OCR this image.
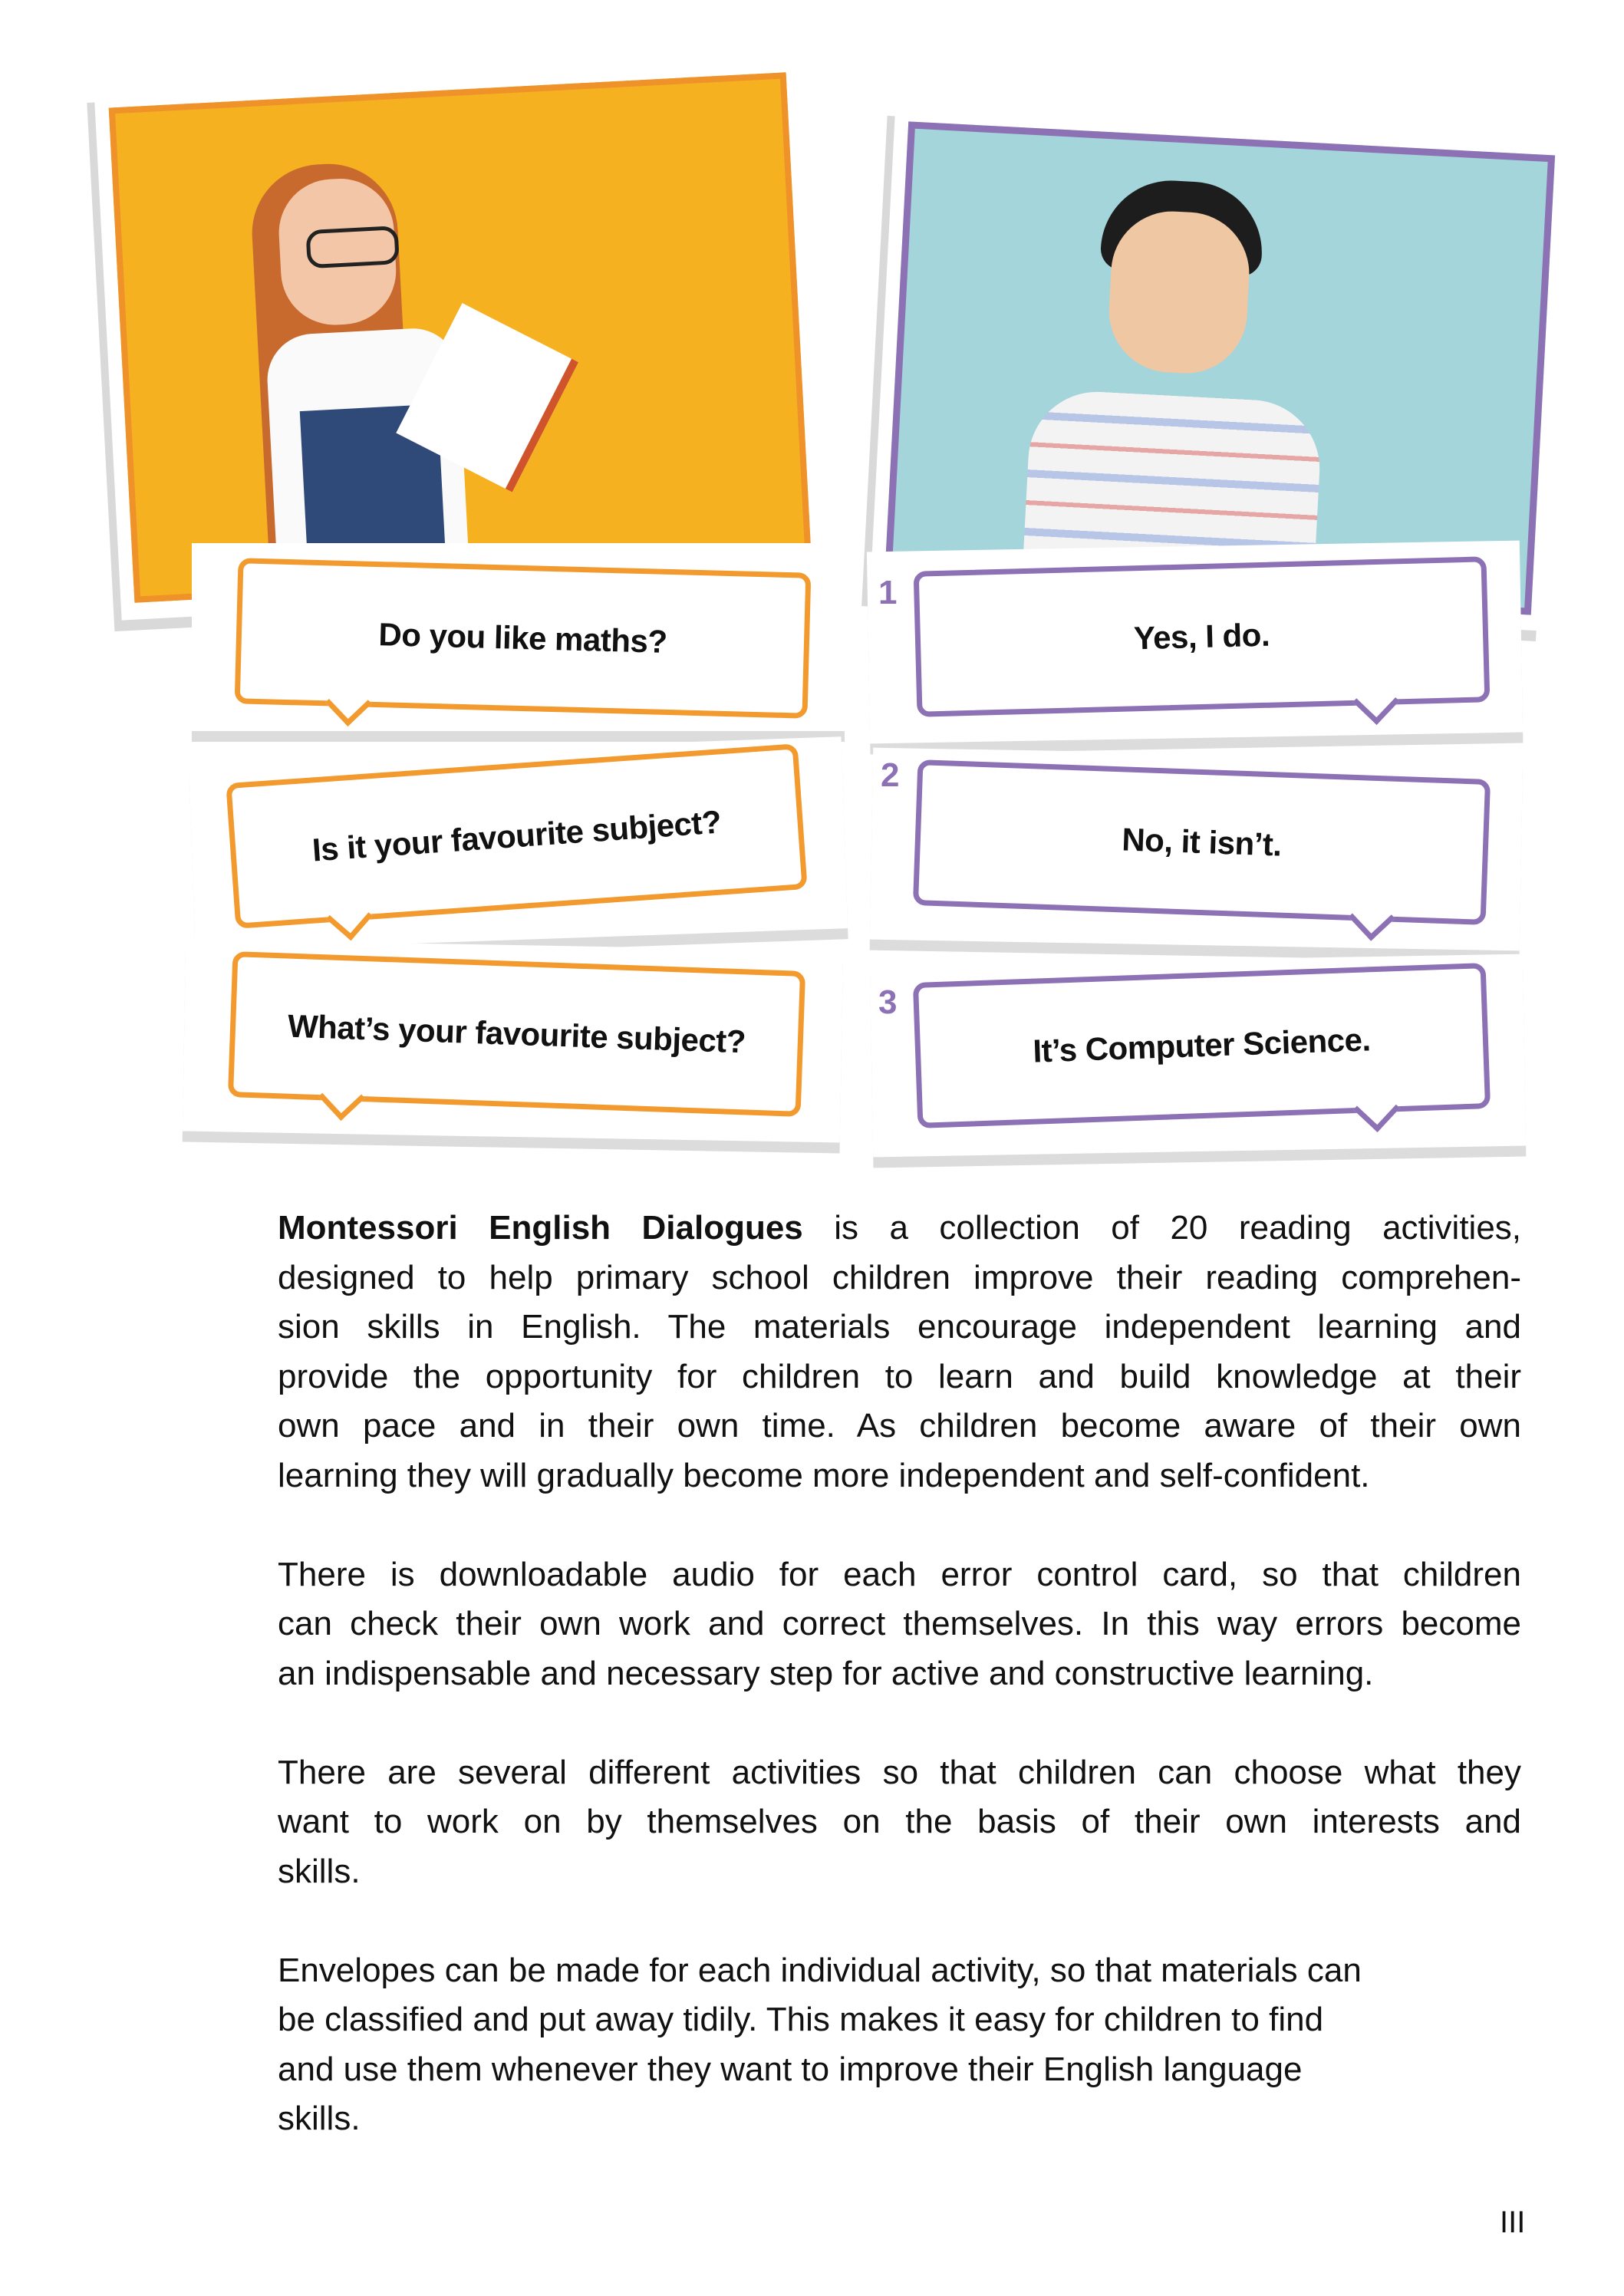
Do you like maths?
Is it your favourite subject?
What’s your favourite subject?
1
2
3
Yes, I do.
No, it isn’t.
It’s Computer Science.
Montessori English Dialogues is a collection of 20 reading activities,
designed to help primary school children improve their reading comprehen-
sion skills in English. The materials encourage independent learning and
provide the opportunity for children to learn and build knowledge at their
own pace and in their own time. As children become aware of their own
learning they will gradually become more independent and self-confident.
There is downloadable audio for each error control card, so that children
can check their own work and correct themselves. In this way errors become
an indispensable and necessary step for active and constructive learning.
There are several different activities so that children can choose what they
want to work on by themselves on the basis of their own interests and
skills.
Envelopes can be made for each individual activity, so that materials can
be classified and put away tidily. This makes it easy for children to find
and use them whenever they want to improve their English language
skills.
III
